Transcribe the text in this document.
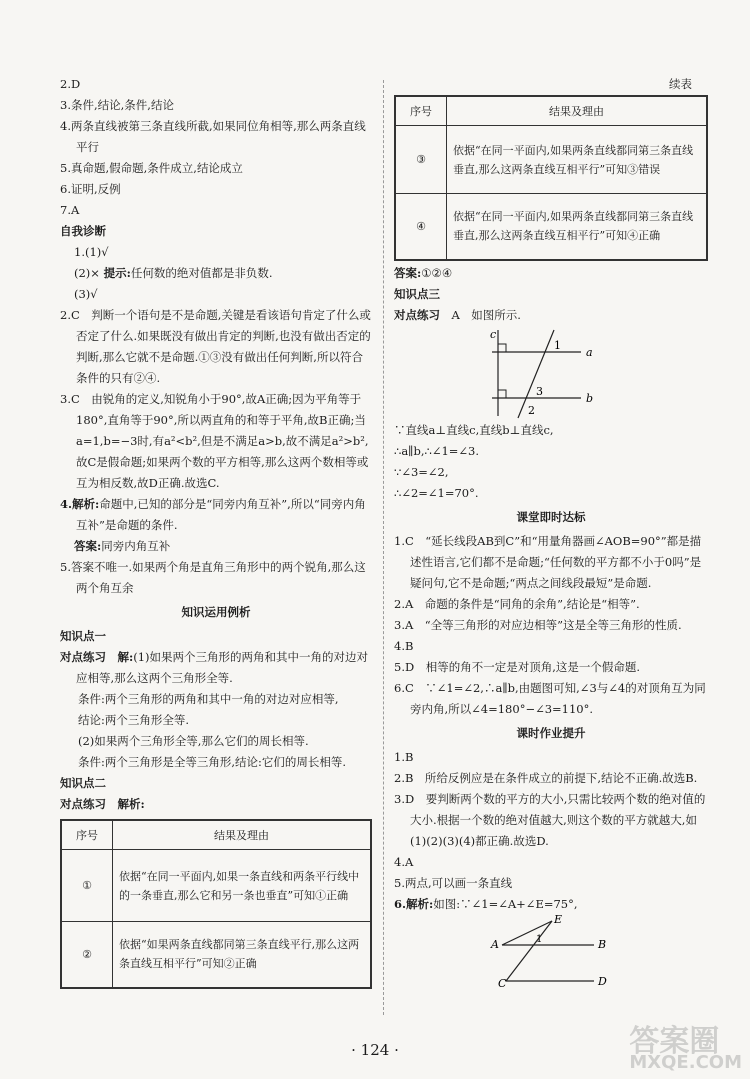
2.D

3.条件,结论,条件,结论

4.两条直线被第三条直线所截,如果同位角相等,那么两条直线平行

5.真命题,假命题,条件成立,结论成立

6.证明,反例

7.A

自我诊断

1.(1)√

(2)× 提示:任何数的绝对值都是非负数.

(3)√

2.C　判断一个语句是不是命题,关键是看该语句肯定了什么或否定了什么.如果既没有做出肯定的判断,也没有做出否定的判断,那么它就不是命题.①③没有做出任何判断,所以符合条件的只有②④.

3.C　由锐角的定义,知锐角小于90°,故A正确;因为平角等于180°,直角等于90°,所以两直角的和等于平角,故B正确;当a=1,b=−3时,有a²<b²,但是不满足a>b,故不满足a²>b²,故C是假命题;如果两个数的平方相等,那么这两个数相等或互为相反数,故D正确.故选C.

4.解析:命题中,已知的部分是“同旁内角互补”,所以“同旁内角互补”是命题的条件.

答案:同旁内角互补

5.答案不唯一.如果两个角是直角三角形中的两个锐角,那么这两个角互余

知识运用例析

知识点一

对点练习　 解:(1)如果两个三角形的两角和其中一角的对边对应相等,那么这两个三角形全等.

条件:两个三角形的两角和其中一角的对边对应相等,

结论:两个三角形全等.

(2)如果两个三角形全等,那么它们的周长相等.

条件:两个三角形是全等三角形,结论:它们的周长相等.

知识点二

对点练习　 解析:

序号	结果及理由
①	依据“在同一平面内,如果一条直线和两条平行线中的一条垂直,那么它和另一条也垂直”可知①正确
②	依据“如果两条直线都同第三条直线平行,那么这两条直线互相平行”可知②正确

续表

序号	结果及理由
③	依据“在同一平面内,如果两条直线都同第三条直线垂直,那么这两条直线互相平行”可知③错误
④	依据“在同一平面内,如果两条直线都同第三条直线垂直,那么这两条直线互相平行”可知④正确

答案:①②④

知识点三

对点练习　 A　如图所示.

c
a
b
1
2
3

∵直线a⊥直线c,直线b⊥直线c,

∴a∥b,∴∠1=∠3.

∵∠3=∠2,

∴∠2=∠1=70°.

课堂即时达标

1.C　“延长线段AB到C”和“用量角器画∠AOB=90°”都是描述性语言,它们都不是命题;“任何数的平方都不小于0吗”是疑问句,它不是命题;“两点之间线段最短”是命题.

2.A　命题的条件是“同角的余角”,结论是“相等”.

3.A　“全等三角形的对应边相等”这是全等三角形的性质.

4.B

5.D　相等的角不一定是对顶角,这是一个假命题.

6.C　∵∠1=∠2,∴a∥b,由题图可知,∠3与∠4的对顶角互为同旁内角,所以∠4=180°−∠3=110°.

课时作业提升

1.B

2.B　所给反例应是在条件成立的前提下,结论不正确.故选B.

3.D　要判断两个数的平方的大小,只需比较两个数的绝对值的大小.根据一个数的绝对值越大,则这个数的平方就越大,如(1)(2)(3)(4)都正确.故选D.

4.A

5.两点,可以画一条直线

6.解析:如图:∵∠1=∠A+∠E=75°,

E
A	B
C	D
1
· 124 ·	答案圈
MXQE.COM
